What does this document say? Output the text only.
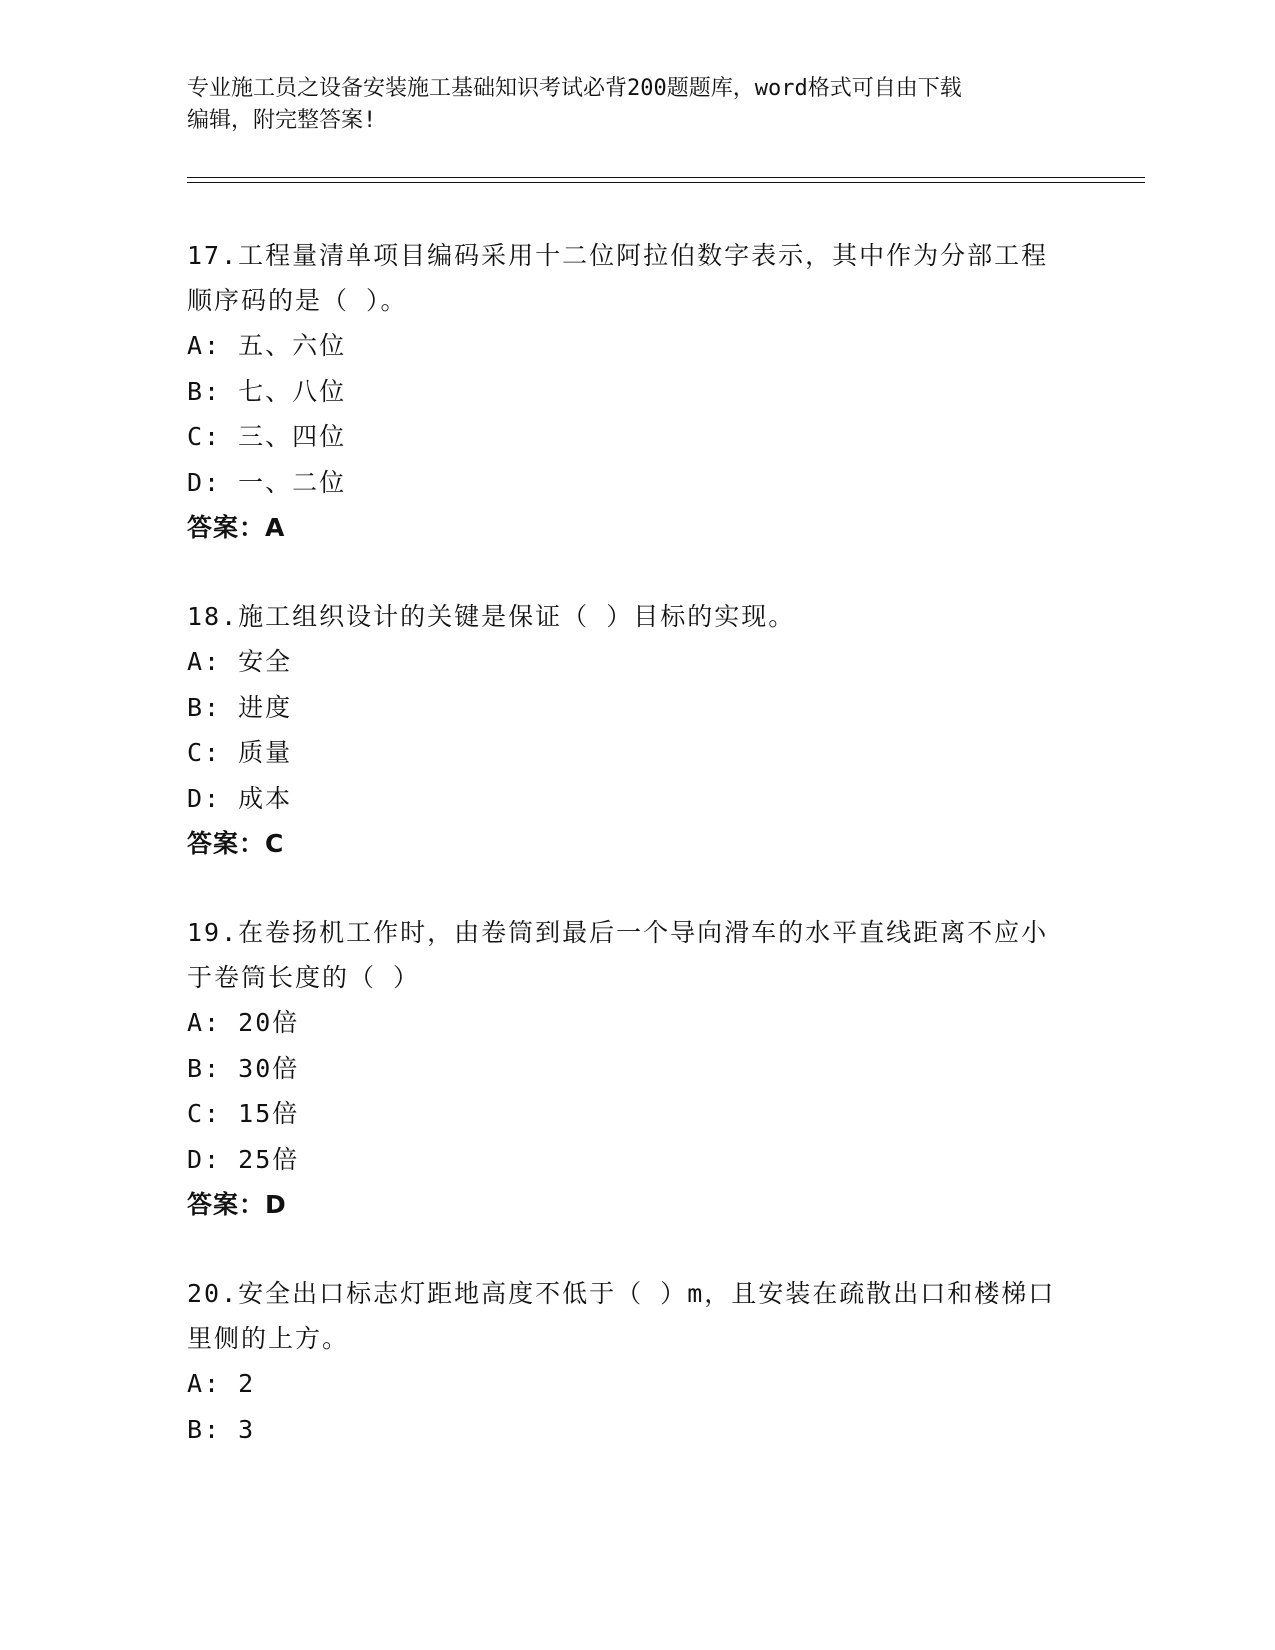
专业施工员之设备安装施工基础知识考试必背200题题库，word格式可自由下载
编辑，附完整答案!
17.工程量清单项目编码采用十二位阿拉伯数字表示，其中作为分部工程顺序码的是（ ）。
A: 五、六位
B: 七、八位
C: 三、四位
D: 一、二位
答案：A
18.施工组织设计的关键是保证（ ）目标的实现。
A: 安全
B: 进度
C: 质量
D: 成本
答案：C
19.在卷扬机工作时，由卷筒到最后一个导向滑车的水平直线距离不应小于卷筒长度的（ ）
A: 20倍
B: 30倍
C: 15倍
D: 25倍
答案：D
20.安全出口标志灯距地高度不低于（ ）m，且安装在疏散出口和楼梯口里侧的上方。
A: 2
B: 3
